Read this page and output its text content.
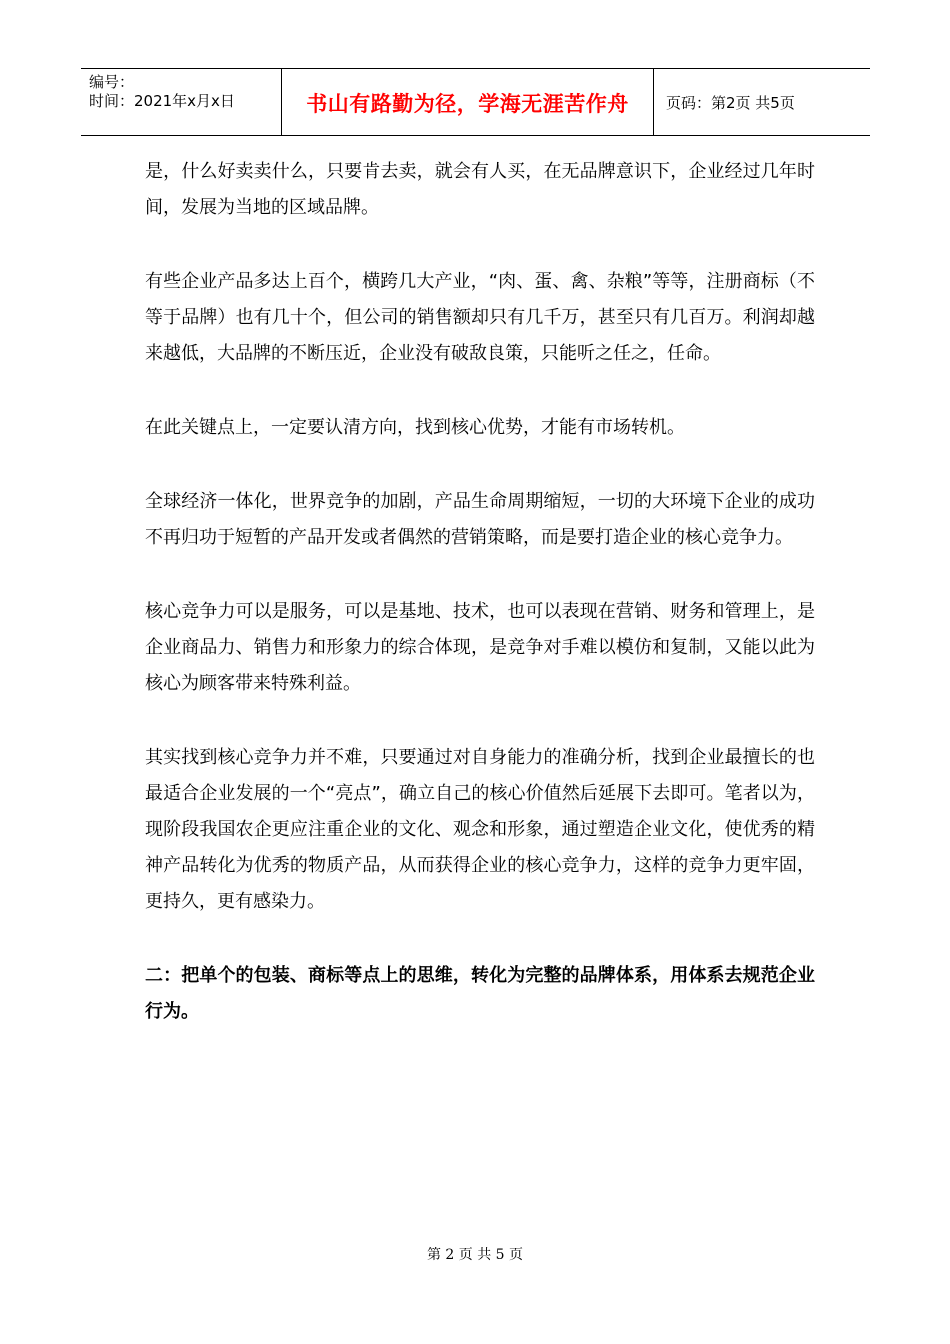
编号：
时间：2021年x月x日	书山有路勤为径，学海无涯苦作舟	页码：第2页 共5页

是，什么好卖卖什么，只要肯去卖，就会有人买，在无品牌意识下，企业经过几年时间，发展为当地的区域品牌。

有些企业产品多达上百个，横跨几大产业，“肉、蛋、禽、杂粮”等等，注册商标（不等于品牌）也有几十个，但公司的销售额却只有几千万，甚至只有几百万。利润却越来越低，大品牌的不断压近，企业没有破敌良策，只能听之任之，任命。

在此关键点上，一定要认清方向，找到核心优势，才能有市场转机。

全球经济一体化，世界竞争的加剧，产品生命周期缩短，一切的大环境下企业的成功不再归功于短暂的产品开发或者偶然的营销策略，而是要打造企业的核心竞争力。

核心竞争力可以是服务，可以是基地、技术，也可以表现在营销、财务和管理上，是企业商品力、销售力和形象力的综合体现，是竞争对手难以模仿和复制，又能以此为核心为顾客带来特殊利益。

其实找到核心竞争力并不难，只要通过对自身能力的准确分析，找到企业最擅长的也最适合企业发展的一个“亮点”，确立自己的核心价值然后延展下去即可。笔者以为，现阶段我国农企更应注重企业的文化、观念和形象，通过塑造企业文化，使优秀的精神产品转化为优秀的物质产品，从而获得企业的核心竞争力，这样的竞争力更牢固，更持久，更有感染力。

二：把单个的包装、商标等点上的思维，转化为完整的品牌体系，用体系去规范企业行为。

第 2 页 共 5 页
